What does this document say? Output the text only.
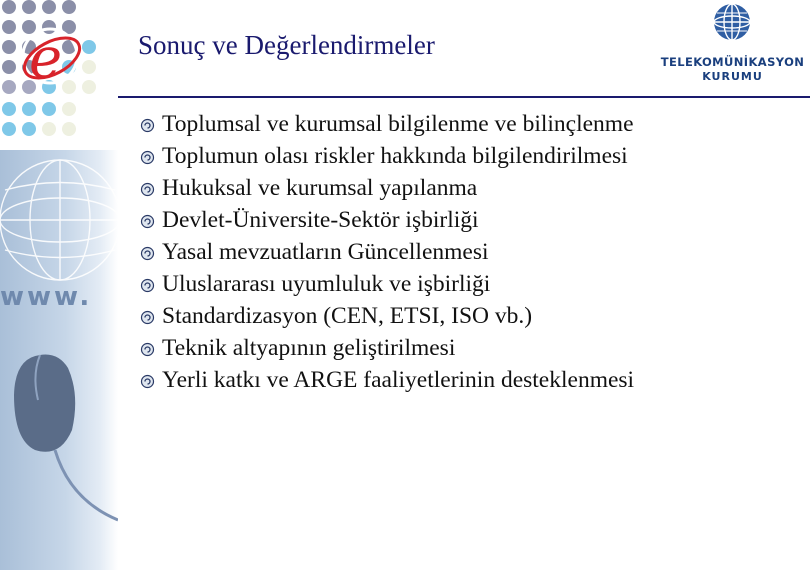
e
www.
Sonuç ve Değerlendirmeler
TELEKOMÜNİKASYON
KURUMU
Toplumsal ve kurumsal bilgilenme ve bilinçlenme
Toplumun olası riskler hakkında bilgilendirilmesi
Hukuksal ve kurumsal yapılanma
Devlet-Üniversite-Sektör işbirliği
Yasal mevzuatların Güncellenmesi
Uluslararası uyumluluk ve işbirliği
Standardizasyon (CEN, ETSI, ISO vb.)
Teknik altyapının geliştirilmesi
Yerli katkı ve ARGE faaliyetlerinin desteklenmesi
